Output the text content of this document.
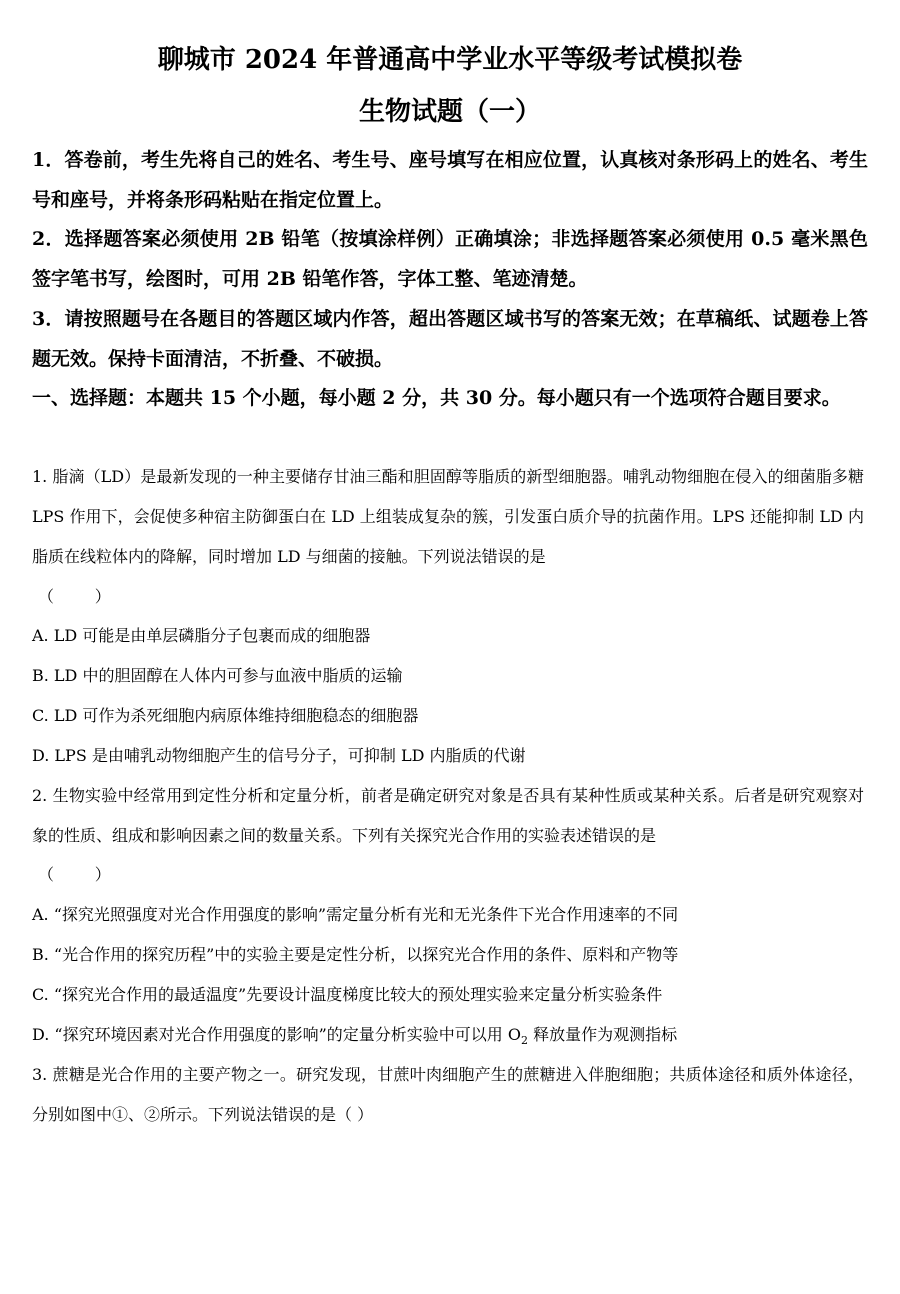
聊城市 2024 年普通高中学业水平等级考试模拟卷
生物试题（一）

1．答卷前，考生先将自己的姓名、考生号、座号填写在相应位置，认真核对条形码上的姓名、考生号和座号，并将条形码粘贴在指定位置上。

2．选择题答案必须使用 2B 铅笔（按填涂样例）正确填涂；非选择题答案必须使用 0.5 毫米黑色签字笔书写，绘图时，可用 2B 铅笔作答，字体工整、笔迹清楚。

3．请按照题号在各题目的答题区域内作答，超出答题区域书写的答案无效；在草稿纸、试题卷上答题无效。保持卡面清洁，不折叠、不破损。

一、选择题：本题共 15 个小题，每小题 2 分，共 30 分。每小题只有一个选项符合题目要求。

1. 脂滴（LD）是最新发现的一种主要储存甘油三酯和胆固醇等脂质的新型细胞器。哺乳动物细胞在侵入的细菌脂多糖 LPS 作用下，会促使多种宿主防御蛋白在 LD 上组装成复杂的簇，引发蛋白质介导的抗菌作用。LPS 还能抑制 LD 内脂质在线粒体内的降解，同时增加 LD 与细菌的接触。下列说法错误的是

（        ）

A. LD 可能是由单层磷脂分子包裹而成的细胞器

B. LD 中的胆固醇在人体内可参与血液中脂质的运输

C. LD 可作为杀死细胞内病原体维持细胞稳态的细胞器

D. LPS 是由哺乳动物细胞产生的信号分子，可抑制 LD 内脂质的代谢

2. 生物实验中经常用到定性分析和定量分析，前者是确定研究对象是否具有某种性质或某种关系。后者是研究观察对象的性质、组成和影响因素之间的数量关系。下列有关探究光合作用的实验表述错误的是

（        ）

A. “探究光照强度对光合作用强度的影响”需定量分析有光和无光条件下光合作用速率的不同

B. “光合作用的探究历程”中的实验主要是定性分析，以探究光合作用的条件、原料和产物等

C. “探究光合作用的最适温度”先要设计温度梯度比较大的预处理实验来定量分析实验条件

D. “探究环境因素对光合作用强度的影响”的定量分析实验中可以用 $O_2$ 释放量作为观测指标

3. 蔗糖是光合作用的主要产物之一。研究发现，甘蔗叶肉细胞产生的蔗糖进入伴胞细胞；共质体途径和质外体途径，分别如图中①、②所示。下列说法错误的是（ ）
